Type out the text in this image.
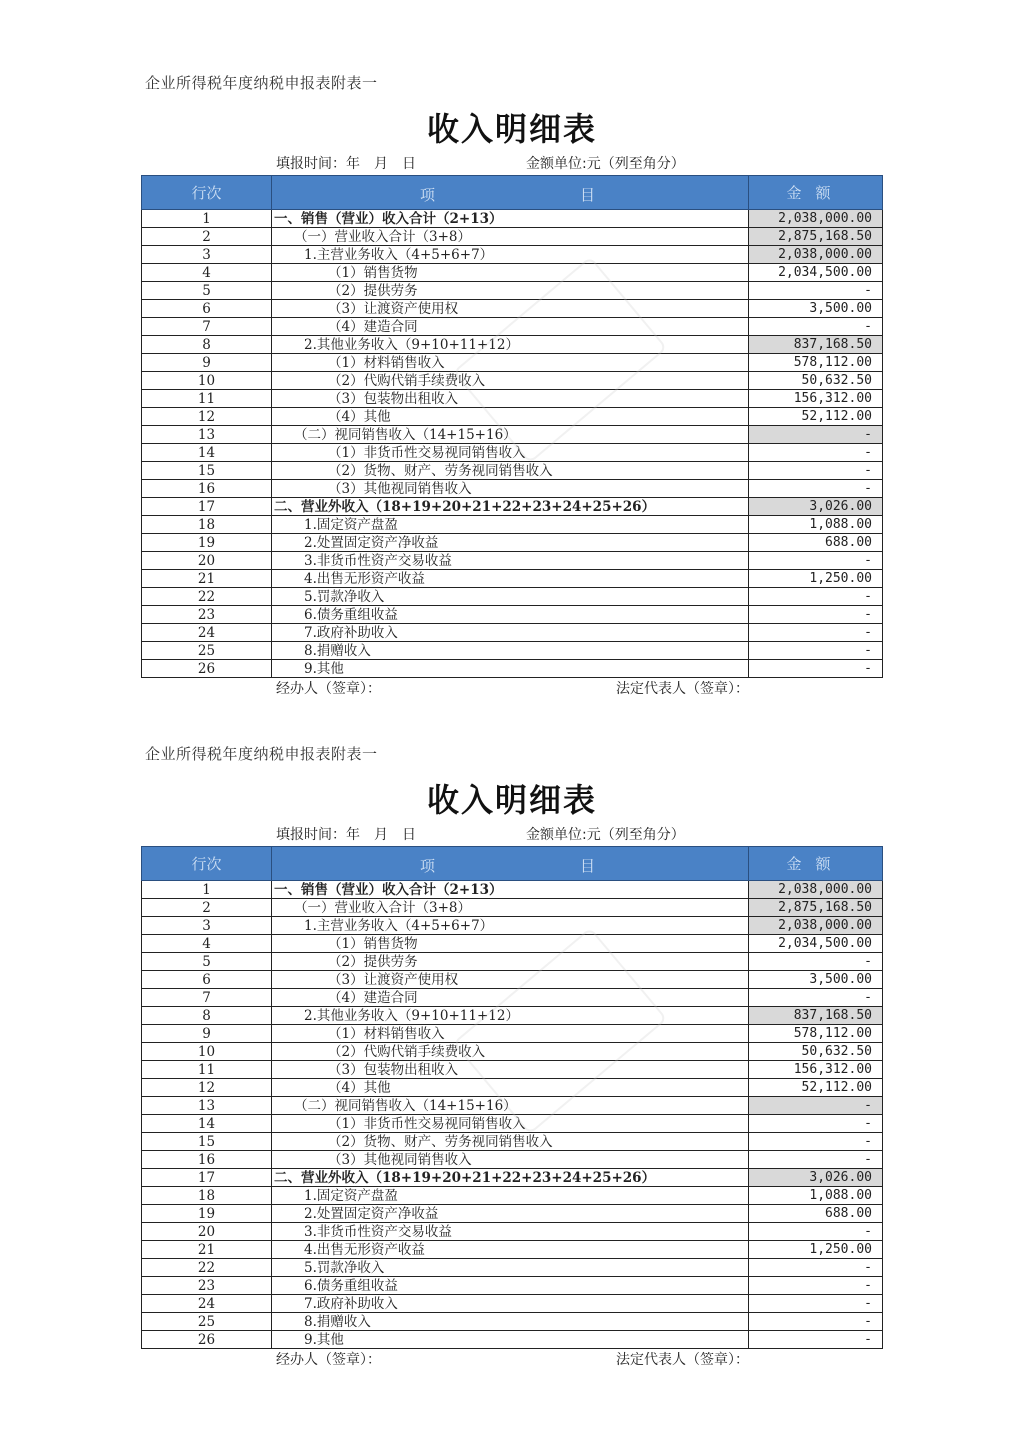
企业所得税年度纳税申报表附表一
收入明细表
填报时间：年　月　日	金额单位:元（列至角分）
行次	项 目	金额
1	一、销售（营业）收入合计（2+13）	2,038,000.00
2	（一）营业收入合计（3+8）	2,875,168.50
3	1.主营业务收入（4+5+6+7）	2,038,000.00
4	（1）销售货物	2,034,500.00
5	（2）提供劳务	-
6	（3）让渡资产使用权	3,500.00
7	（4）建造合同	-
8	2.其他业务收入（9+10+11+12）	837,168.50
9	（1）材料销售收入	578,112.00
10	（2）代购代销手续费收入	50,632.50
11	（3）包装物出租收入	156,312.00
12	（4）其他	52,112.00
13	（二）视同销售收入（14+15+16）	-
14	（1）非货币性交易视同销售收入	-
15	（2）货物、财产、劳务视同销售收入	-
16	（3）其他视同销售收入	-
17	二、营业外收入（18+19+20+21+22+23+24+25+26）	3,026.00
18	1.固定资产盘盈	1,088.00
19	2.处置固定资产净收益	688.00
20	3.非货币性资产交易收益	-
21	4.出售无形资产收益	1,250.00
22	5.罚款净收入	-
23	6.债务重组收益	-
24	7.政府补助收入	-
25	8.捐赠收入	-
26	9.其他	-
经办人（签章）：	法定代表人（签章）：
企业所得税年度纳税申报表附表一
收入明细表
填报时间：年　月　日	金额单位:元（列至角分）
行次	项 目	金额
1	一、销售（营业）收入合计（2+13）	2,038,000.00
2	（一）营业收入合计（3+8）	2,875,168.50
3	1.主营业务收入（4+5+6+7）	2,038,000.00
4	（1）销售货物	2,034,500.00
5	（2）提供劳务	-
6	（3）让渡资产使用权	3,500.00
7	（4）建造合同	-
8	2.其他业务收入（9+10+11+12）	837,168.50
9	（1）材料销售收入	578,112.00
10	（2）代购代销手续费收入	50,632.50
11	（3）包装物出租收入	156,312.00
12	（4）其他	52,112.00
13	（二）视同销售收入（14+15+16）	-
14	（1）非货币性交易视同销售收入	-
15	（2）货物、财产、劳务视同销售收入	-
16	（3）其他视同销售收入	-
17	二、营业外收入（18+19+20+21+22+23+24+25+26）	3,026.00
18	1.固定资产盘盈	1,088.00
19	2.处置固定资产净收益	688.00
20	3.非货币性资产交易收益	-
21	4.出售无形资产收益	1,250.00
22	5.罚款净收入	-
23	6.债务重组收益	-
24	7.政府补助收入	-
25	8.捐赠收入	-
26	9.其他	-
经办人（签章）：	法定代表人（签章）：
